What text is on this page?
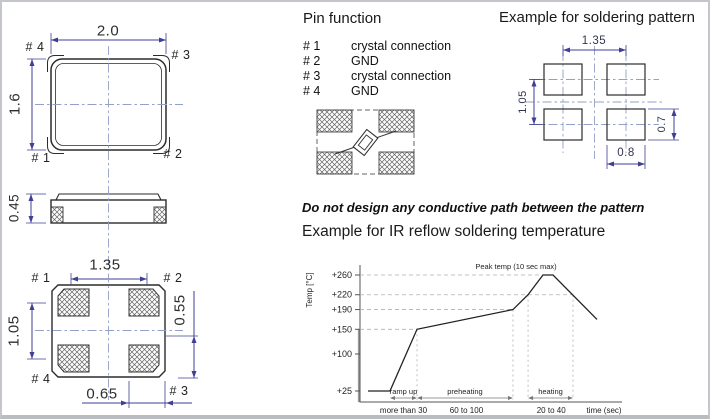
+25
+100
+150
+190
+220
+260
ramp up	preheating	heating
more than 30	60 to 100	20 to 40	time (sec)
Temp [°C]
Peak temp (10 sec max)
2.0
1.6
# 4
# 3
# 1	# 2
0.45
1.35
1.05
0.55
0.65
# 1	# 2
# 4
# 3
Pin function
# 1 crystal connection
# 2 GND
# 3 crystal connection
# 4 GND
Example for soldering pattern
1.35
1.05
0.7
0.8
Do not design any conductive path between the pattern
Example for IR reflow soldering temperature
